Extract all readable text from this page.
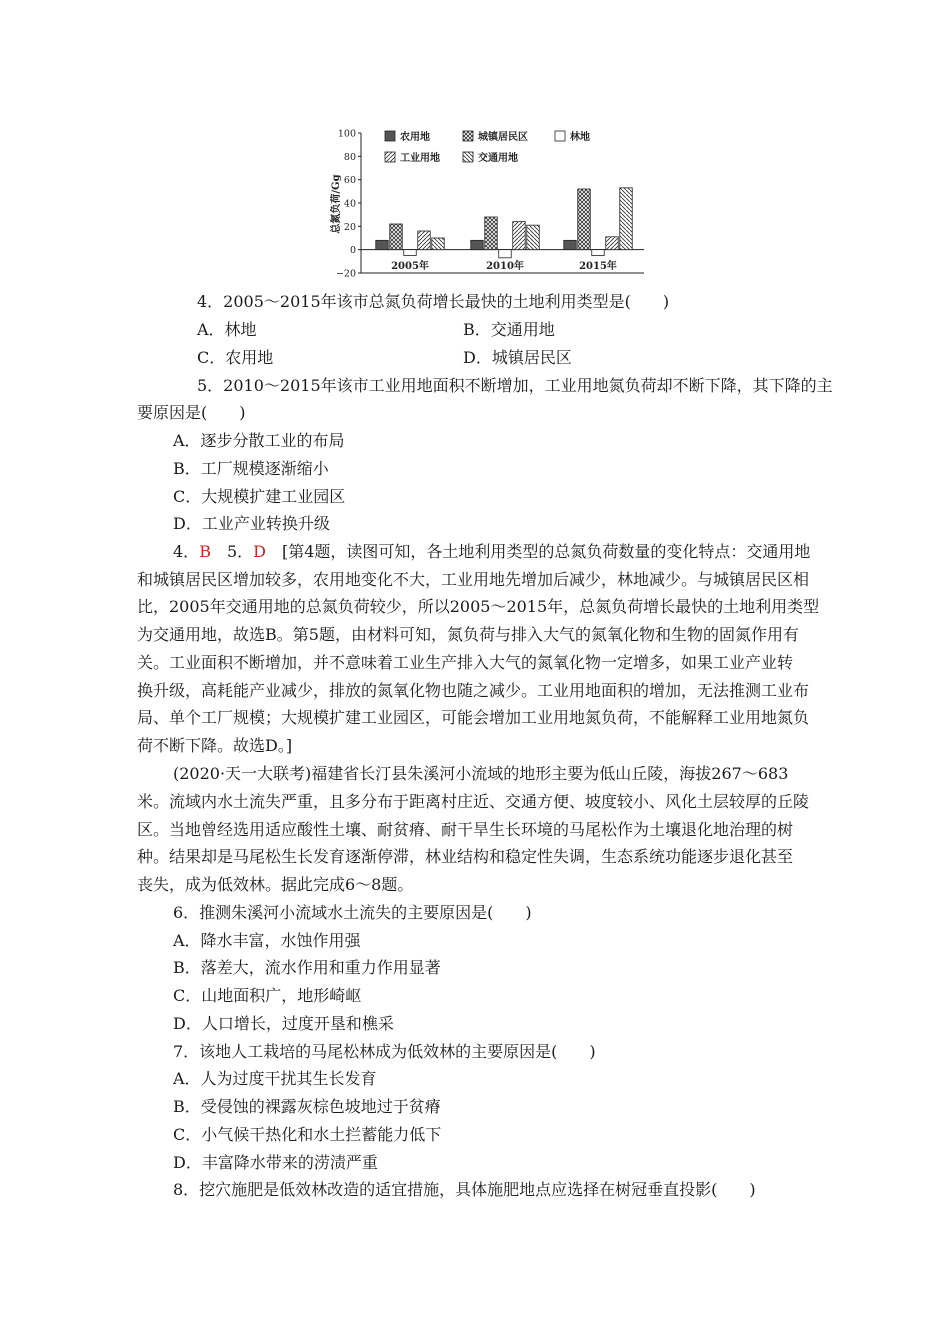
100
80
60
40
20
0
−20
2005年	2010年	2015年
农用地	城镇居民区	林地
工业用地	交通用地
总氮负荷/Gg
4．2005～2015年该市总氮负荷增长最快的土地利用类型是(　　)
A．林地	B．交通用地
C．农用地	D．城镇居民区
5．2010～2015年该市工业用地面积不断增加，工业用地氮负荷却不断下降，其下降的主
要原因是(　　)
A．逐步分散工业的布局
B．工厂规模逐渐缩小
C．大规模扩建工业园区
D．工业产业转换升级
4．B　5．D　[第4题，读图可知，各土地利用类型的总氮负荷数量的变化特点：交通用地
和城镇居民区增加较多，农用地变化不大，工业用地先增加后减少，林地减少。与城镇居民区相
比，2005年交通用地的总氮负荷较少，所以2005～2015年，总氮负荷增长最快的土地利用类型
为交通用地，故选B。第5题，由材料可知，氮负荷与排入大气的氮氧化物和生物的固氮作用有
关。工业面积不断增加，并不意味着工业生产排入大气的氮氧化物一定增多，如果工业产业转
换升级，高耗能产业减少，排放的氮氧化物也随之减少。工业用地面积的增加，无法推测工业布
局、单个工厂规模；大规模扩建工业园区，可能会增加工业用地氮负荷，不能解释工业用地氮负
荷不断下降。故选D。]
(2020·天一大联考)福建省长汀县朱溪河小流域的地形主要为低山丘陵，海拔267～683
米。流域内水土流失严重，且多分布于距离村庄近、交通方便、坡度较小、风化土层较厚的丘陵
区。当地曾经选用适应酸性土壤、耐贫瘠、耐干旱生长环境的马尾松作为土壤退化地治理的树
种。结果却是马尾松生长发育逐渐停滞，林业结构和稳定性失调，生态系统功能逐步退化甚至
丧失，成为低效林。据此完成6～8题。
6．推测朱溪河小流域水土流失的主要原因是(　　)
A．降水丰富，水蚀作用强
B．落差大，流水作用和重力作用显著
C．山地面积广，地形崎岖
D．人口增长，过度开垦和樵采
7．该地人工栽培的马尾松林成为低效林的主要原因是(　　)
A．人为过度干扰其生长发育
B．受侵蚀的裸露灰棕色坡地过于贫瘠
C．小气候干热化和水土拦蓄能力低下
D．丰富降水带来的涝渍严重
8．挖穴施肥是低效林改造的适宜措施，具体施肥地点应选择在树冠垂直投影(　　)
